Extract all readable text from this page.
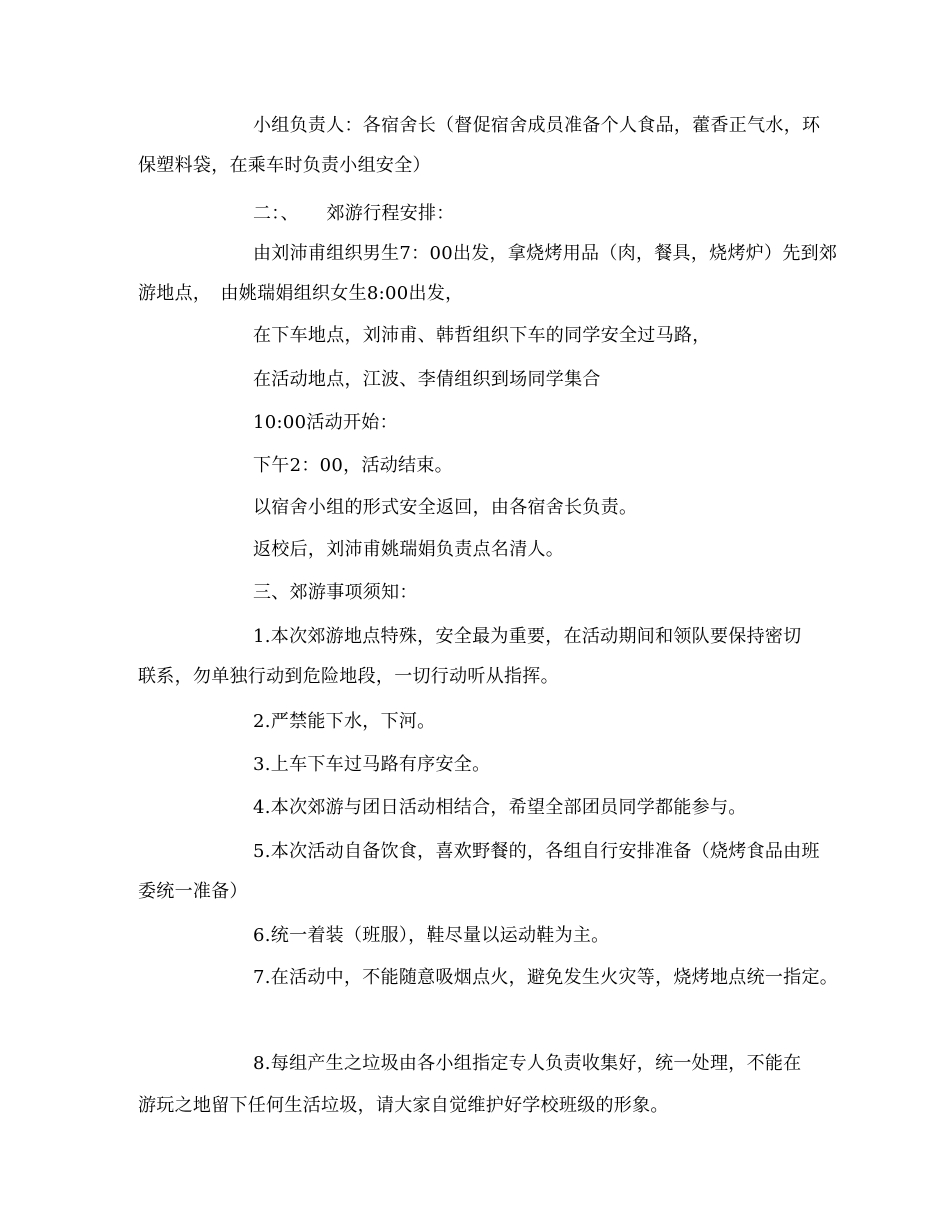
小组负责人：各宿舍长（督促宿舍成员准备个人食品，藿香正气水，环
保塑料袋，在乘车时负责小组安全）
二：、　　郊游行程安排：
由刘沛甫组织男生7：00出发，拿烧烤用品（肉，餐具，烧烤炉）先到郊
游地点，　由姚瑞娟组织女生8:00出发，
在下车地点，刘沛甫、韩哲组织下车的同学安全过马路，
在活动地点，江波、李倩组织到场同学集合
10:00活动开始：
下午2：00，活动结束。
以宿舍小组的形式安全返回，由各宿舍长负责。
返校后，刘沛甫姚瑞娟负责点名清人。
三、郊游事项须知：
1.本次郊游地点特殊，安全最为重要，在活动期间和领队要保持密切
联系，勿单独行动到危险地段，一切行动听从指挥。
2.严禁能下水，下河。
3.上车下车过马路有序安全。
4.本次郊游与团日活动相结合，希望全部团员同学都能参与。
5.本次活动自备饮食，喜欢野餐的，各组自行安排准备（烧烤食品由班
委统一准备）
6.统一着装（班服），鞋尽量以运动鞋为主。
7.在活动中，不能随意吸烟点火，避免发生火灾等，烧烤地点统一指定。
8.每组产生之垃圾由各小组指定专人负责收集好，统一处理，不能在
游玩之地留下任何生活垃圾，请大家自觉维护好学校班级的形象。
